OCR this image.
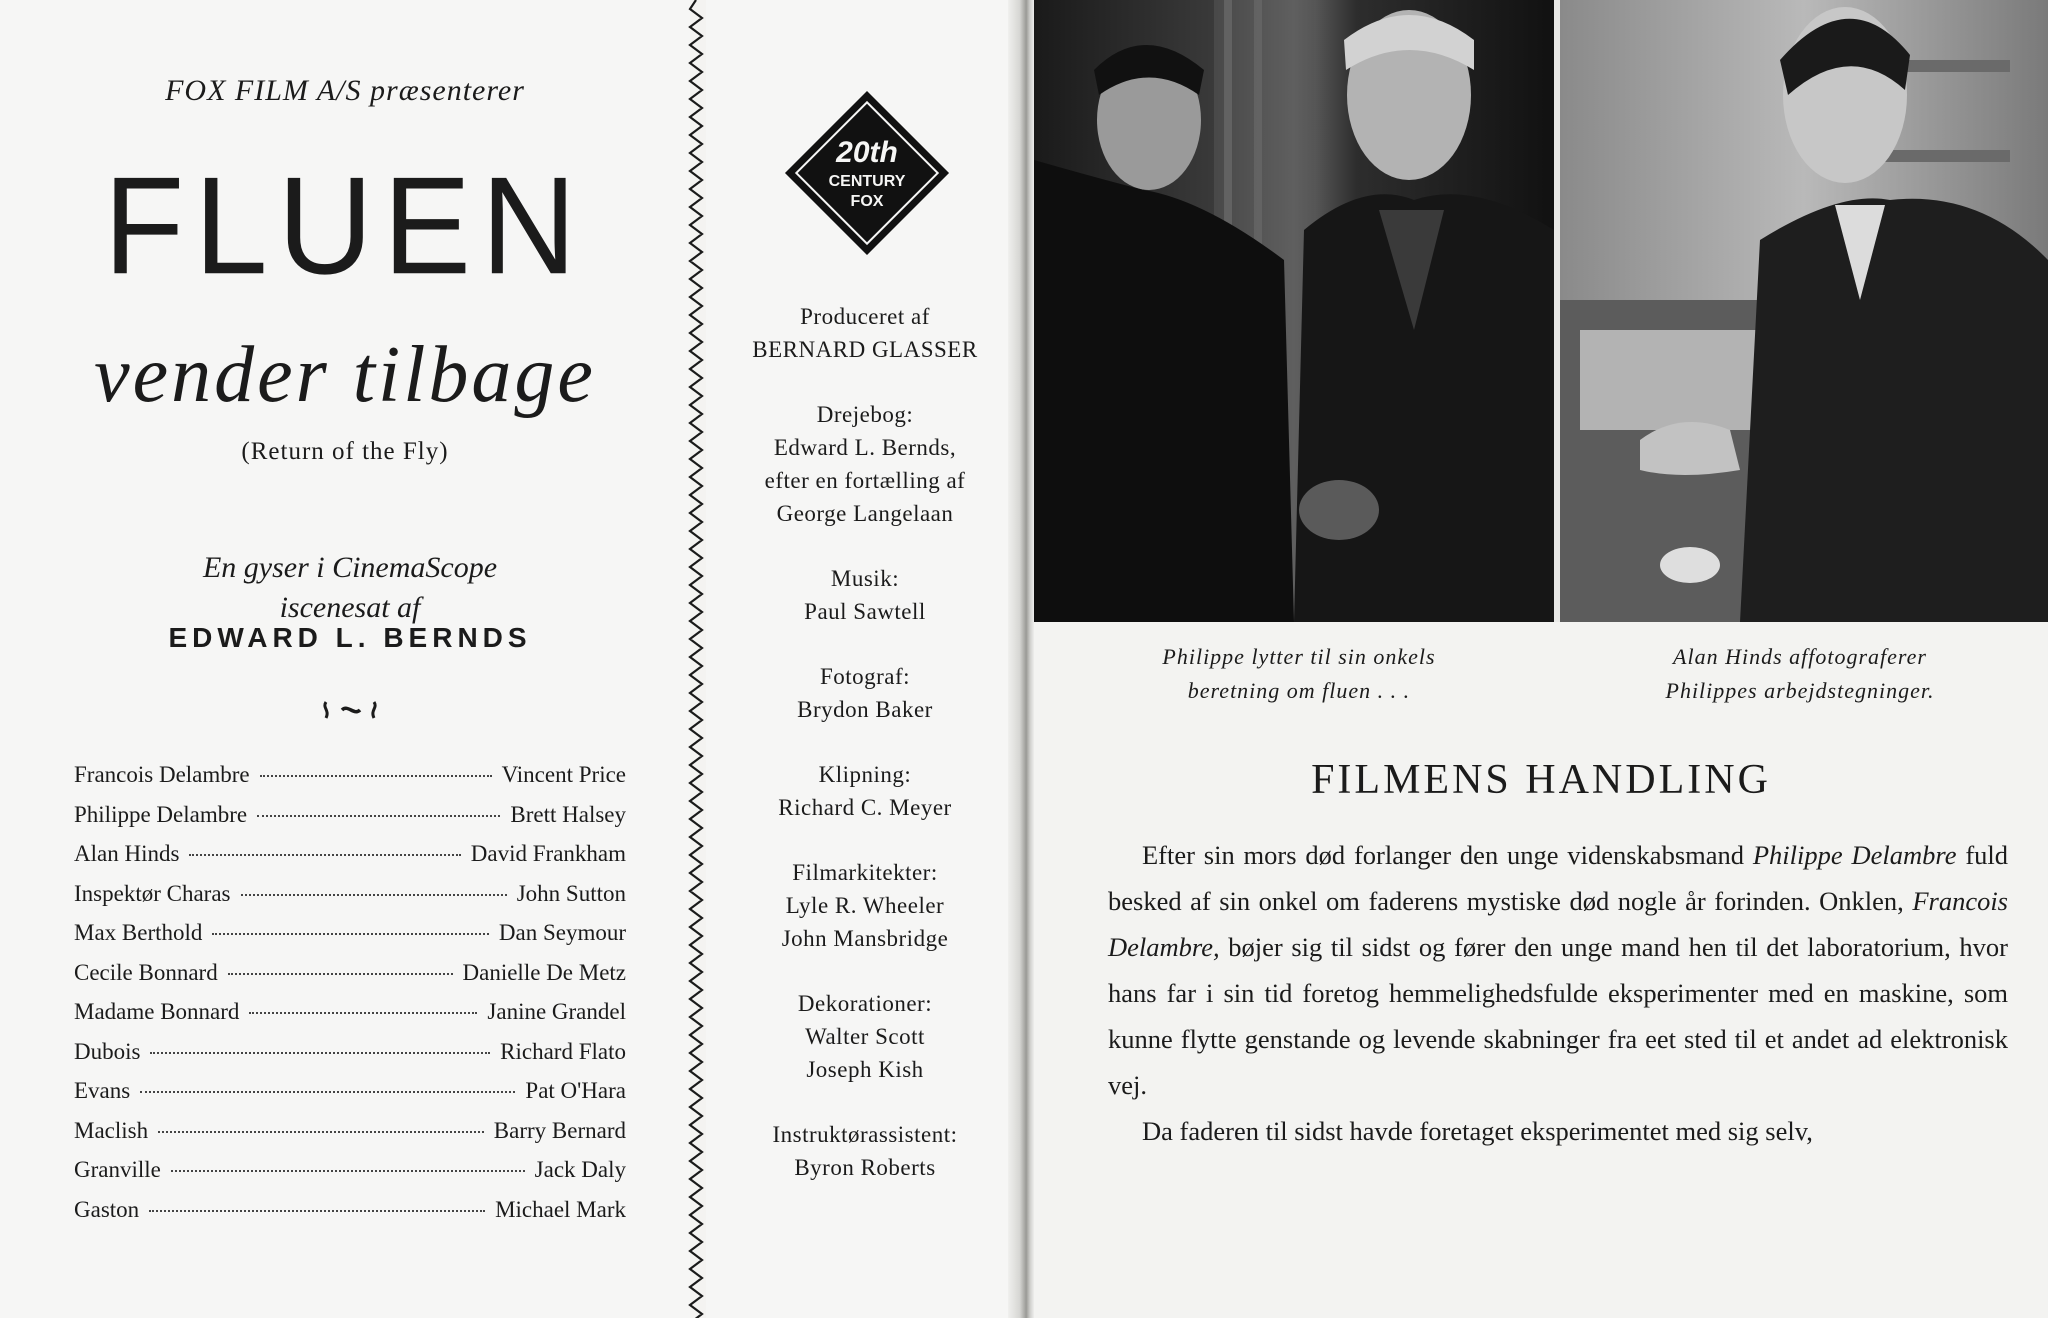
FOX FILM A/S præsenterer
FLUEN
vender tilbage
(Return of the Fly)
En gyser i CinemaScope
iscenesat af
EDWARD L. BERNDS
Francois Delambre	Vincent Price
Philippe Delambre	Brett Halsey
Alan Hinds	David Frankham
Inspektør Charas	John Sutton
Max Berthold	Dan Seymour
Cecile Bonnard	Danielle De Metz
Madame Bonnard	Janine Grandel
Dubois	Richard Flato
Evans	Pat O'Hara
Maclish	Barry Bernard
Granville	Jack Daly
Gaston	Michael Mark
20th
CENTURY
FOX
Produceret af
BERNARD GLASSER
Drejebog:
Edward L. Bernds,
efter en fortælling af
George Langelaan
Musik:
Paul Sawtell
Fotograf:
Brydon Baker
Klipning:
Richard C. Meyer
Filmarkitekter:
Lyle R. Wheeler
John Mansbridge
Dekorationer:
Walter Scott
Joseph Kish
Instruktørassistent:
Byron Roberts
Philippe lytter til sin onkels
beretning om fluen . . .
Alan Hinds affotograferer
Philippes arbejdstegninger.
FILMENS HANDLING

Efter sin mors død forlanger den unge videnskabsmand Philippe Delambre fuld besked af sin onkel om faderens mystiske død nogle år forinden. Onklen, Francois Delambre, bøjer sig til sidst og fører den unge mand hen til det laboratorium, hvor hans far i sin tid foretog hemmelighedsfulde eksperimenter med en maskine, som kunne flytte genstande og levende skabninger fra eet sted til et andet ad elektronisk vej.

Da faderen til sidst havde foretaget eksperimentet med sig selv,
